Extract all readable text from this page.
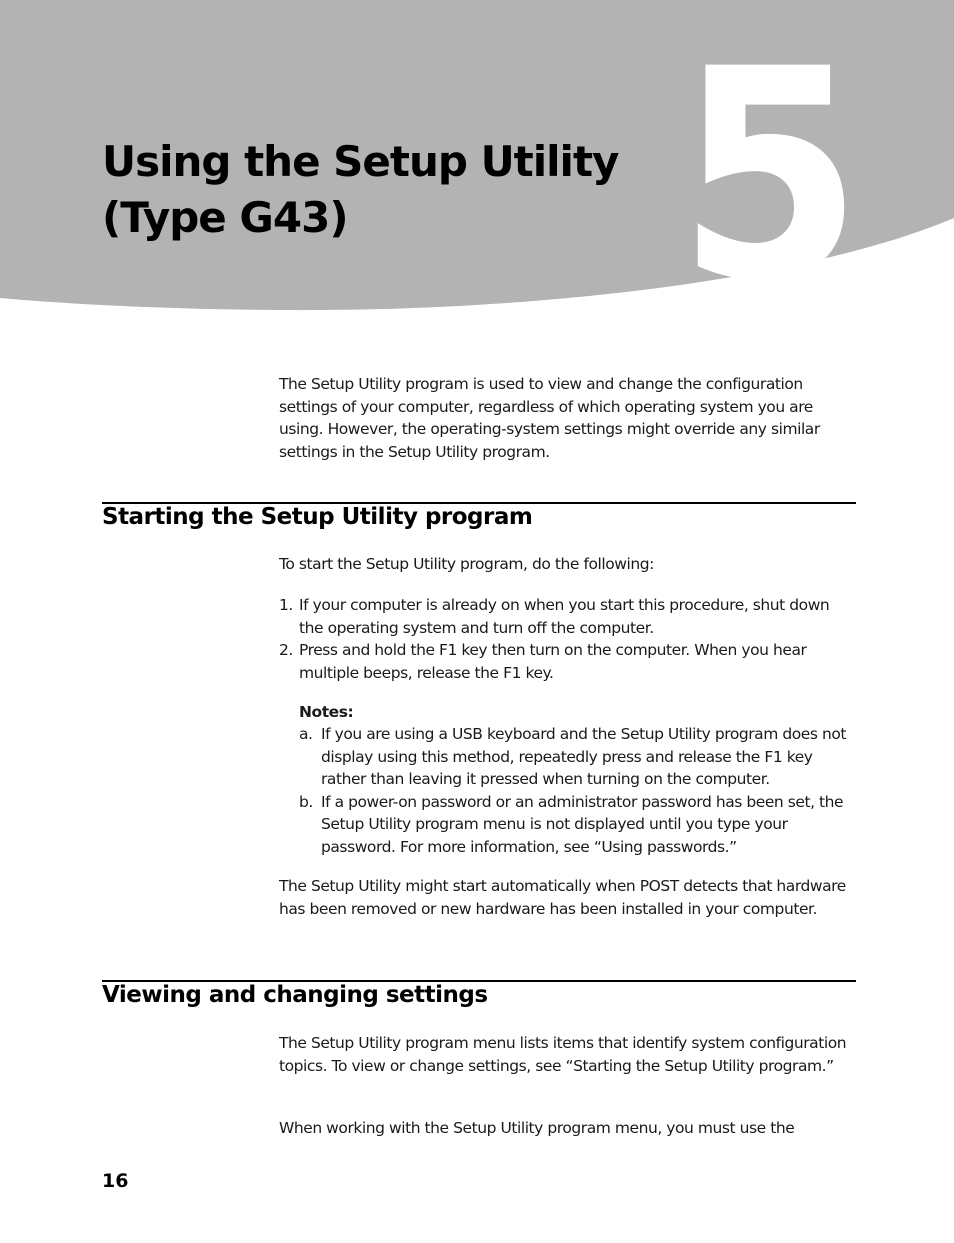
5
Using the Setup Utility
(Type G43)

The Setup Utility program is used to view and change the configuration settings of your computer, regardless of which operating system you are using. However, the operating-system settings might override any similar settings in the Setup Utility program.

Starting the Setup Utility program

To start the Setup Utility program, do the following:

1. If your computer is already on when you start this procedure, shut down the operating system and turn off the computer.
2. Press and hold the F1 key then turn on the computer. When you hear multiple beeps, release the F1 key.

Notes:

a. If you are using a USB keyboard and the Setup Utility program does not display using this method, repeatedly press and release the F1 key rather than leaving it pressed when turning on the computer.
b. If a power-on password or an administrator password has been set, the Setup Utility program menu is not displayed until you type your password. For more information, see “Using passwords.”

The Setup Utility might start automatically when POST detects that hardware has been removed or new hardware has been installed in your computer.

Viewing and changing settings

The Setup Utility program menu lists items that identify system configuration topics. To view or change settings, see “Starting the Setup Utility program.”

When working with the Setup Utility program menu, you must use the

16
